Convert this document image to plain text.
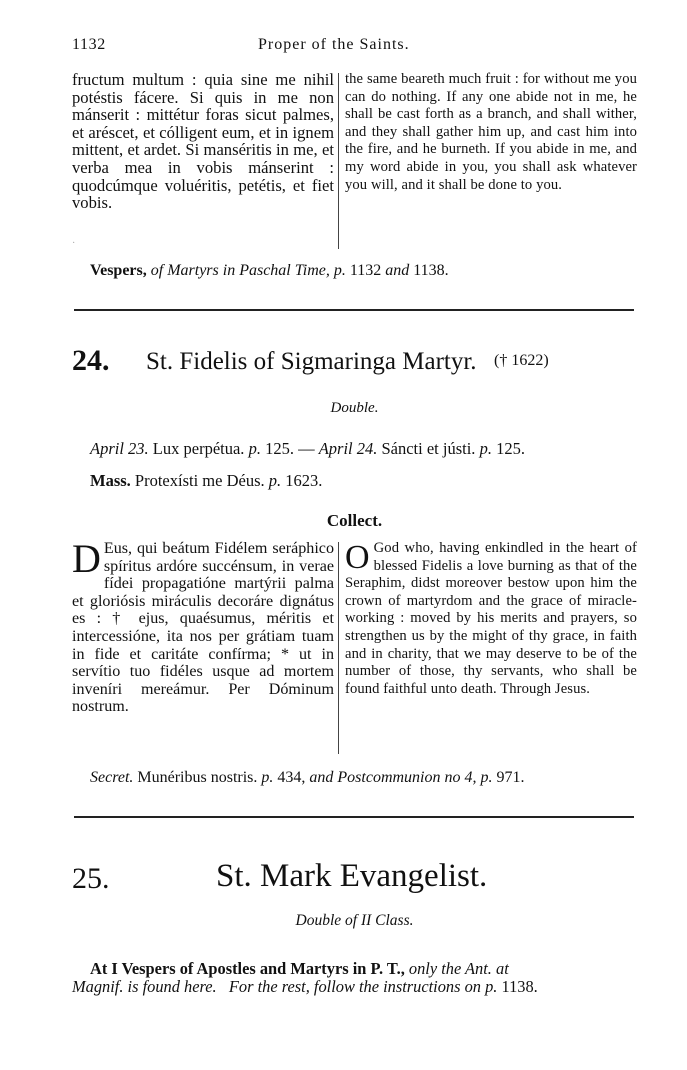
1132	Proper of the Saints.
fructum multum : quia sine me nihil potéstis fácere. Si quis in me non mánserit : mittétur foras sicut palmes, et aréscet, et cólligent eum, et in ignem mittent, et ardet. Si manséritis in me, et verba mea in vobis mánserint : quodcúmque voluéritis, petétis, et fiet vobis.
the same beareth much fruit : for without me you can do nothing. If any one abide not in me, he shall be cast forth as a branch, and shall wither, and they shall gather him up, and cast him into the fire, and he burneth. If you abide in me, and my word abide in you, you shall ask whatever you will, and it shall be done to you.
·
Vespers, of Martyrs in Paschal Time, p. 1132 and 1138.
24. St. Fidelis of Sigmaringa Martyr. († 1622)
Double.
April 23. Lux perpétua. p. 125. — April 24. Sáncti et jústi. p. 125.
Mass. Protexísti me Déus. p. 1623.
Collect.
D Eus, qui beátum Fidélem seráphico spíritus ardóre succénsum, in verae fídei propagatióne martýrii palma et gloriósis miráculis decoráre dignátus es : † ejus, quaésumus, méritis et intercessióne, ita nos per grátiam tuam in fide et caritáte confírma; * ut in servítio tuo fidéles usque ad mortem inveníri mereámur. Per Dóminum nostrum.
O God who, having enkindled in the heart of blessed Fidelis a love burning as that of the Seraphim, didst moreover bestow upon him the crown of martyrdom and the grace of miracle-working : moved by his merits and prayers, so strengthen us by the might of thy grace, in faith and in charity, that we may deserve to be of the number of those, thy servants, who shall be found faithful unto death. Through Jesus.
Secret. Munéribus nostris. p. 434, and Postcommunion no 4, p. 971.
25.	St. Mark Evangelist.
Double of II Class.
At I Vespers of Apostles and Martyrs in P. T., only the Ant. at
Magnif. is found here.   For the rest, follow the instructions on p. 1138.
